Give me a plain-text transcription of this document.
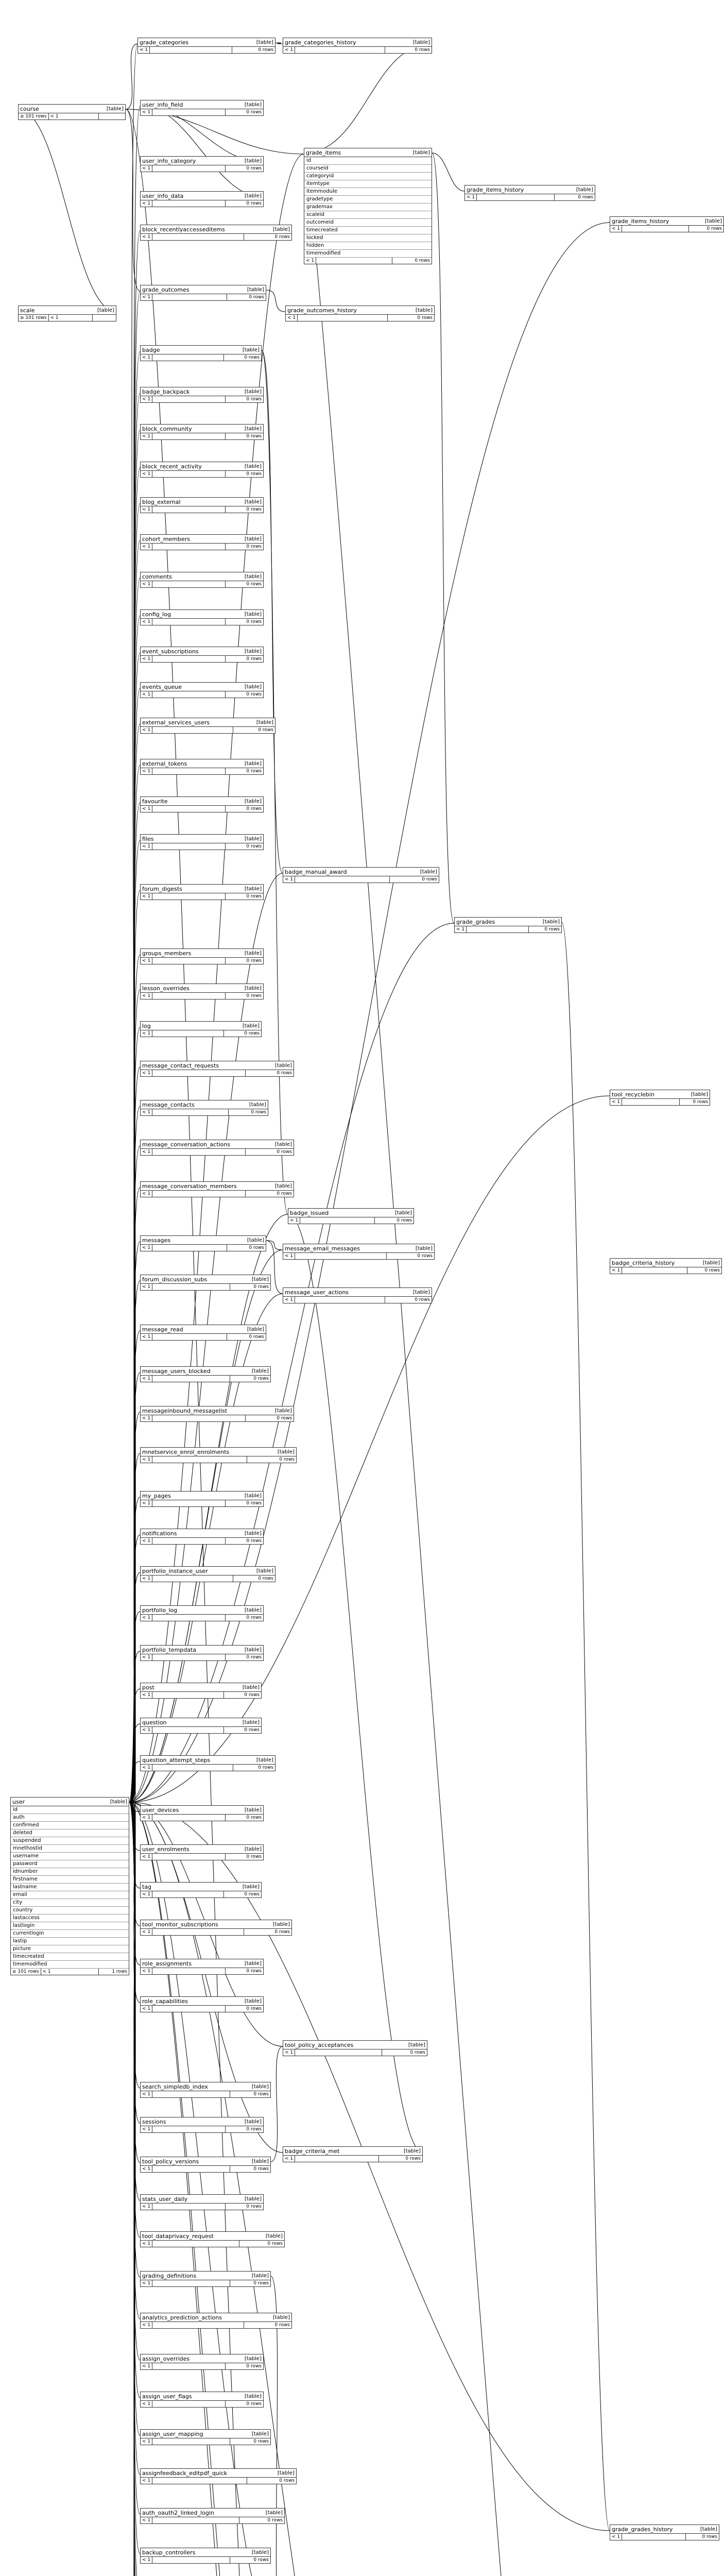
course	[table]
≥ 101 rows < 1
grade_categories	[table]
< 1	0 rows
grade_categories_history	[table]
< 1	0 rows
grade_items	[table]
id
courseid
categoryid
itemtype
itemmodule
gradetype
grademax
scaleid
outcomeid
timecreated
locked
hidden
timemodified
< 1	0 rows
grade_items_history	[table]
< 1	0 rows
user_info_field	[table]
< 1	0 rows
user_info_category	[table]
< 1	0 rows
user_info_data	[table]
< 1	0 rows
block_recentlyaccesseditems	[table]
< 1	0 rows
grade_outcomes	[table]
< 1	0 rows
grade_outcomes_history	[table]
< 1	0 rows
scale	[table]
≥ 101 rows < 1
badge	[table]
< 1	0 rows
badge_backpack	[table]
< 1	0 rows
block_community	[table]
< 1	0 rows
block_recent_activity	[table]
< 1	0 rows
blog_external	[table]
< 1	0 rows
cohort_members	[table]
< 1	0 rows
comments	[table]
< 1	0 rows
config_log	[table]
< 1	0 rows
event_subscriptions	[table]
< 1	0 rows
events_queue	[table]
< 1	0 rows
external_services_users	[table]
< 1	0 rows
external_tokens	[table]
< 1	0 rows
favourite	[table]
< 1	0 rows
files	[table]
< 1	0 rows
badge_manual_award	[table]
< 1	0 rows
forum_digests	[table]
< 1	0 rows
grade_grades	[table]
< 1	0 rows
groups_members	[table]
< 1	0 rows
lesson_overrides	[table]
< 1	0 rows
log	[table]
< 1	0 rows
message_contact_requests	[table]
< 1	0 rows
message_contacts	[table]
< 1	0 rows
message_conversation_actions	[table]
< 1	0 rows
message_conversation_members	[table]
< 1	0 rows
badge_issued	[table]
< 1	0 rows
messages	[table]
< 1	0 rows	message_email_messages	[table]
< 1	0 rows
forum_discussion_subs	[table]
< 1	0 rows
message_user_actions	[table]
< 1	0 rows
message_read	[table]
< 1	0 rows
message_users_blocked	[table]
< 1	0 rows
messageinbound_messagelist	[table]
< 1	0 rows
mnetservice_enrol_enrolments	[table]
< 1	0 rows
my_pages	[table]
< 1	0 rows
notifications	[table]
< 1	0 rows
portfolio_instance_user	[table]
< 1	0 rows
portfolio_log	[table]
< 1	0 rows
portfolio_tempdata	[table]
< 1	0 rows
post	[table]
< 1	0 rows
question	[table]
< 1	0 rows
question_attempt_steps	[table]
< 1	0 rows
user	[table]
id
auth
confirmed
deleted
suspended
mnethostid
username
password
idnumber
firstname
lastname
email
city
country
lastaccess
lastlogin
currentlogin
lastip
picture
timecreated
timemodified
≥ 101 rows < 1	1 rows
user_devices	[table]
< 1	0 rows
user_enrolments	[table]
< 1	0 rows
tag	[table]
< 1	0 rows
tool_monitor_subscriptions	[table]
< 1	0 rows
role_assignments	[table]
< 1	0 rows
role_capabilities	[table]
< 1	0 rows
tool_policy_acceptances	[table]
< 1	0 rows
search_simpledb_index	[table]
< 1	0 rows
sessions	[table]
< 1	0 rows
tool_policy_versions	[table]
< 1	0 rows
badge_criteria_met	[table]
< 1	0 rows
stats_user_daily	[table]
< 1	0 rows
tool_dataprivacy_request	[table]
< 1	0 rows
grading_definitions	[table]
< 1	0 rows
analytics_prediction_actions	[table]
< 1	0 rows
assign_overrides	[table]
< 1	0 rows
assign_user_flags	[table]
< 1	0 rows
assign_user_mapping	[table]
< 1	0 rows
assignfeedback_editpdf_quick	[table]
< 1	0 rows
auth_oauth2_linked_login	[table]
< 1	0 rows
backup_controllers	[table]
< 1	0 rows
grade_grades_history	[table]
< 1	0 rows
tool_recyclebin	[table]
< 1	0 rows
badge_criteria_history	[table]
< 1	0 rows
grade_items_history	[table]
< 1	0 rows
